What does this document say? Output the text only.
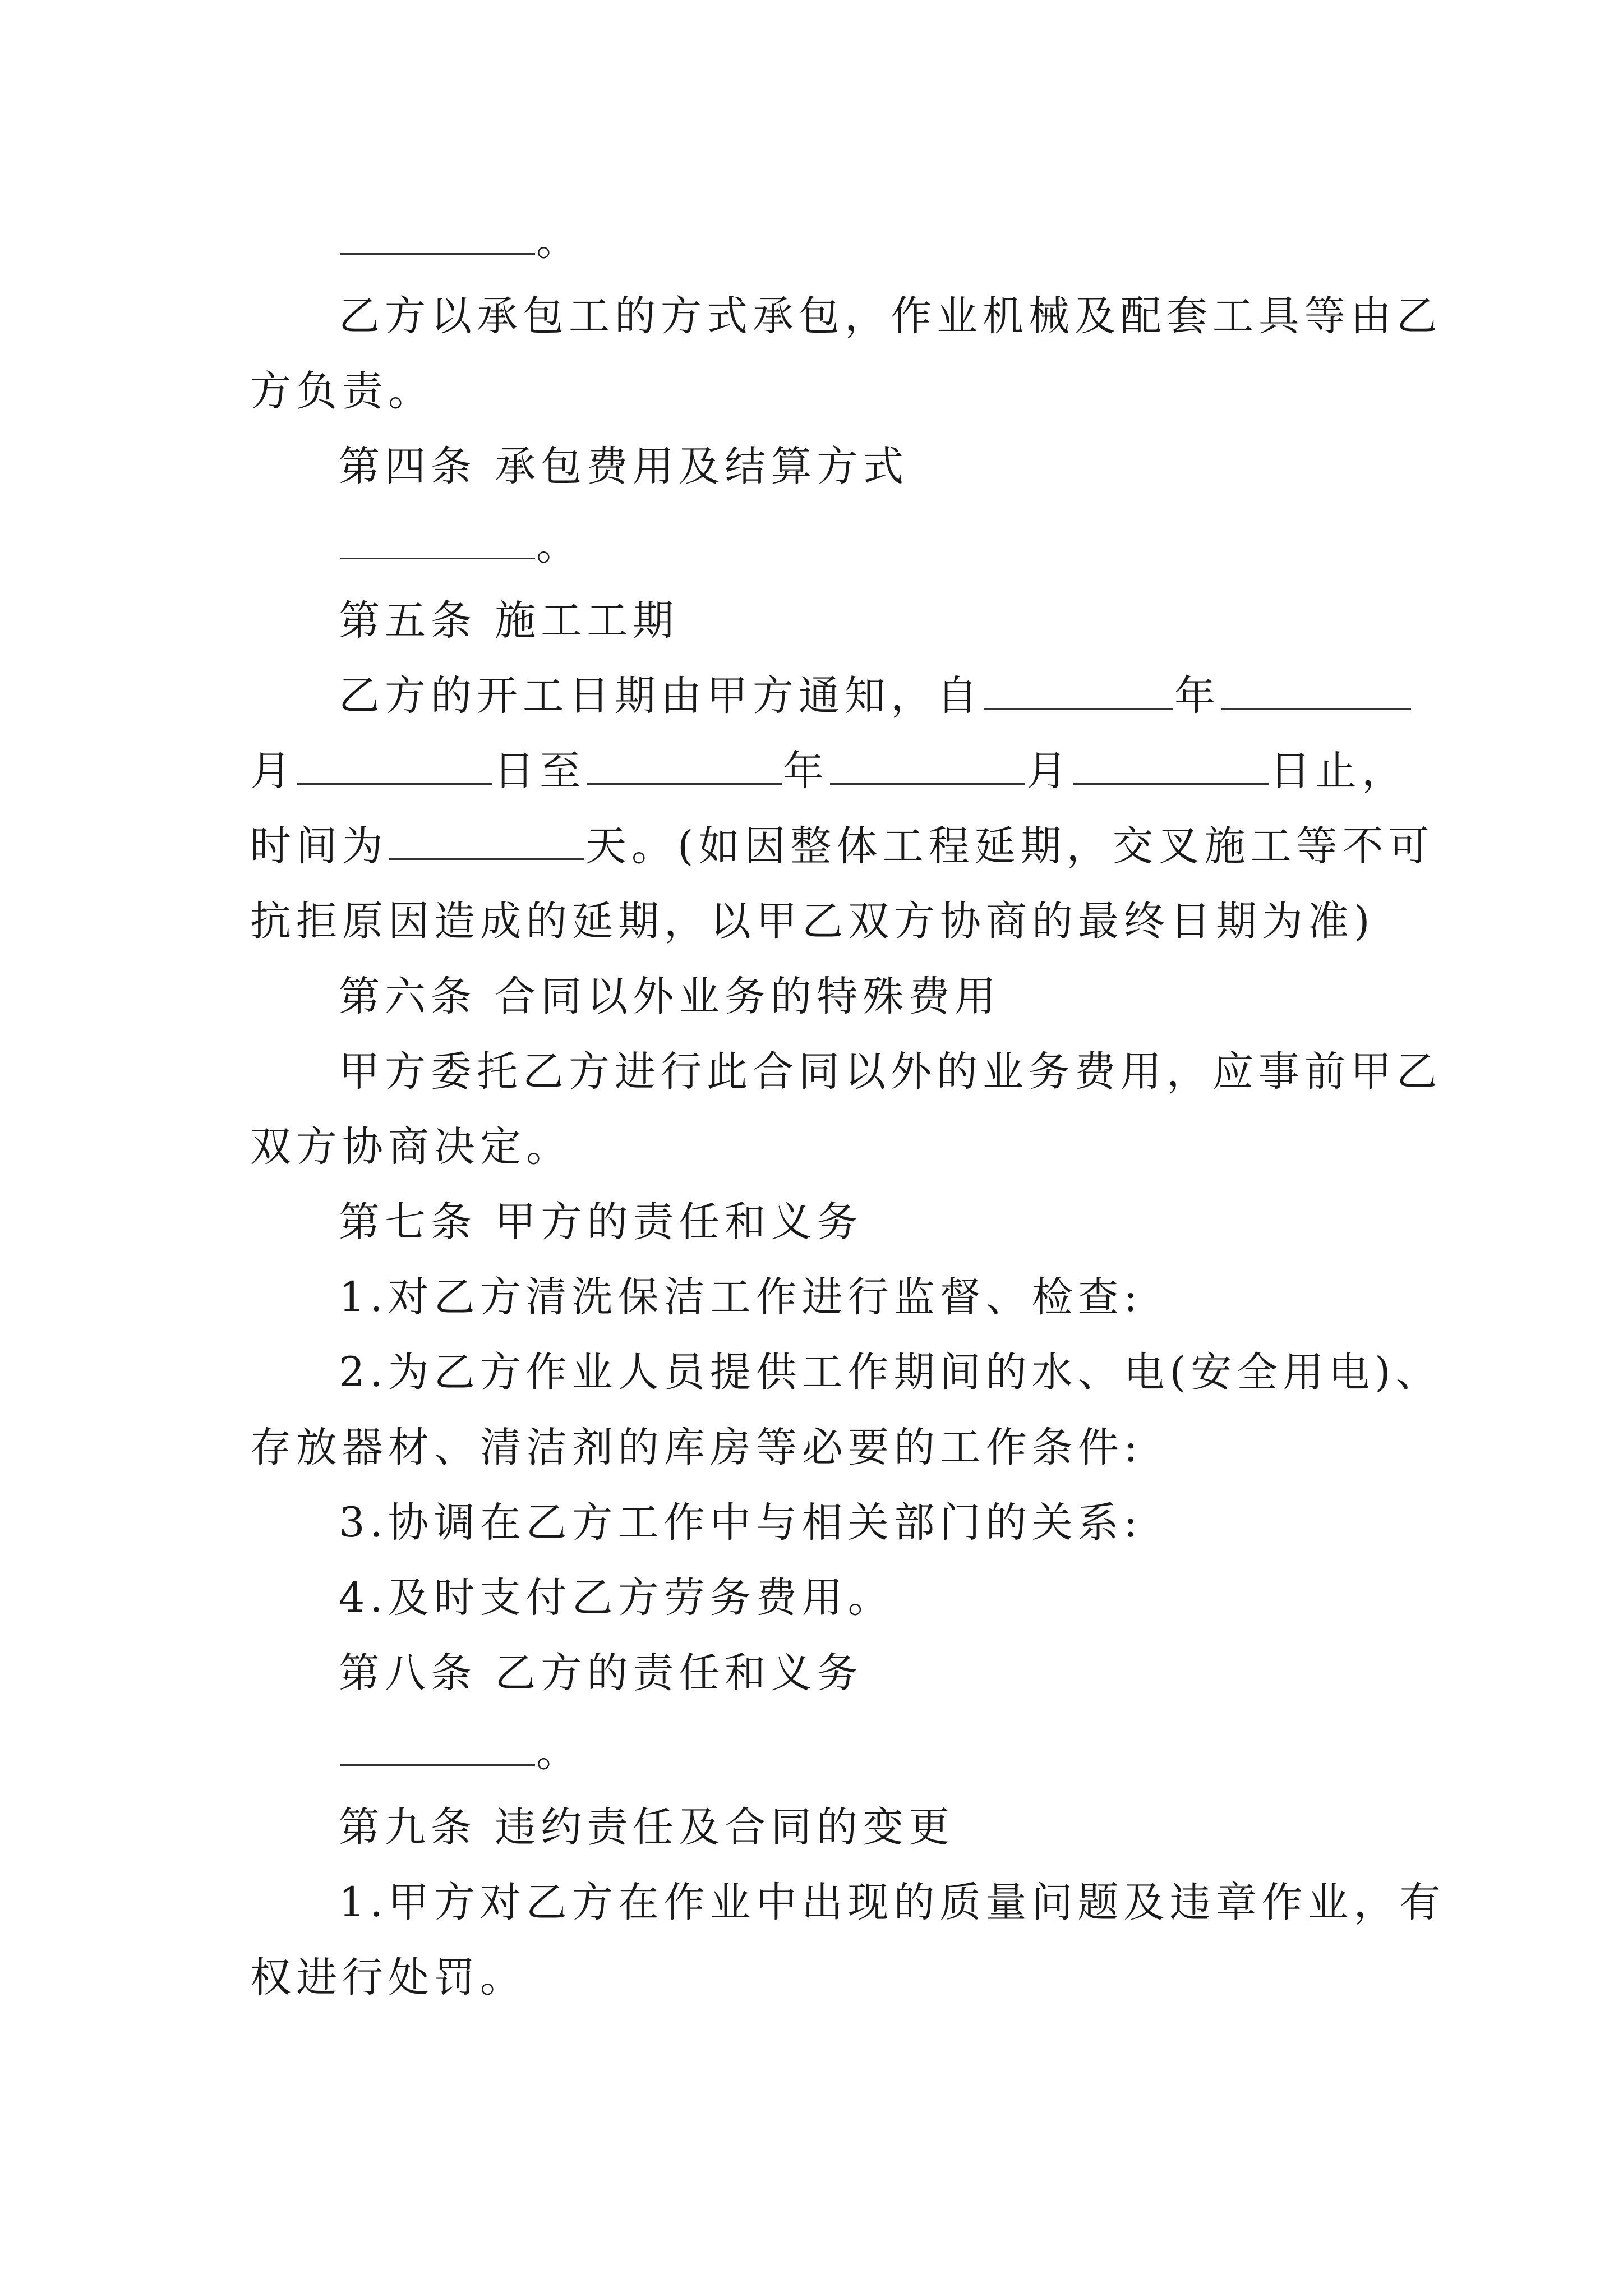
。
乙方以承包工的方式承包，作业机械及配套工具等由乙
方负责。
第四条 承包费用及结算方式
。
第五条 施工工期
乙方的开工日期由甲方通知，自	年
月	日至	年	月	日止，
时间为	天。(如因整体工程延期，交叉施工等不可
抗拒原因造成的延期，以甲乙双方协商的最终日期为准)
第六条 合同以外业务的特殊费用
甲方委托乙方进行此合同以外的业务费用，应事前甲乙
双方协商决定。
第七条 甲方的责任和义务
1.对乙方清洗保洁工作进行监督、检查:
2.为乙方作业人员提供工作期间的水、电(安全用电)、
存放器材、清洁剂的库房等必要的工作条件:
3.协调在乙方工作中与相关部门的关系:
4.及时支付乙方劳务费用。
第八条 乙方的责任和义务
。
第九条 违约责任及合同的变更
1.甲方对乙方在作业中出现的质量问题及违章作业，有
权进行处罚。
